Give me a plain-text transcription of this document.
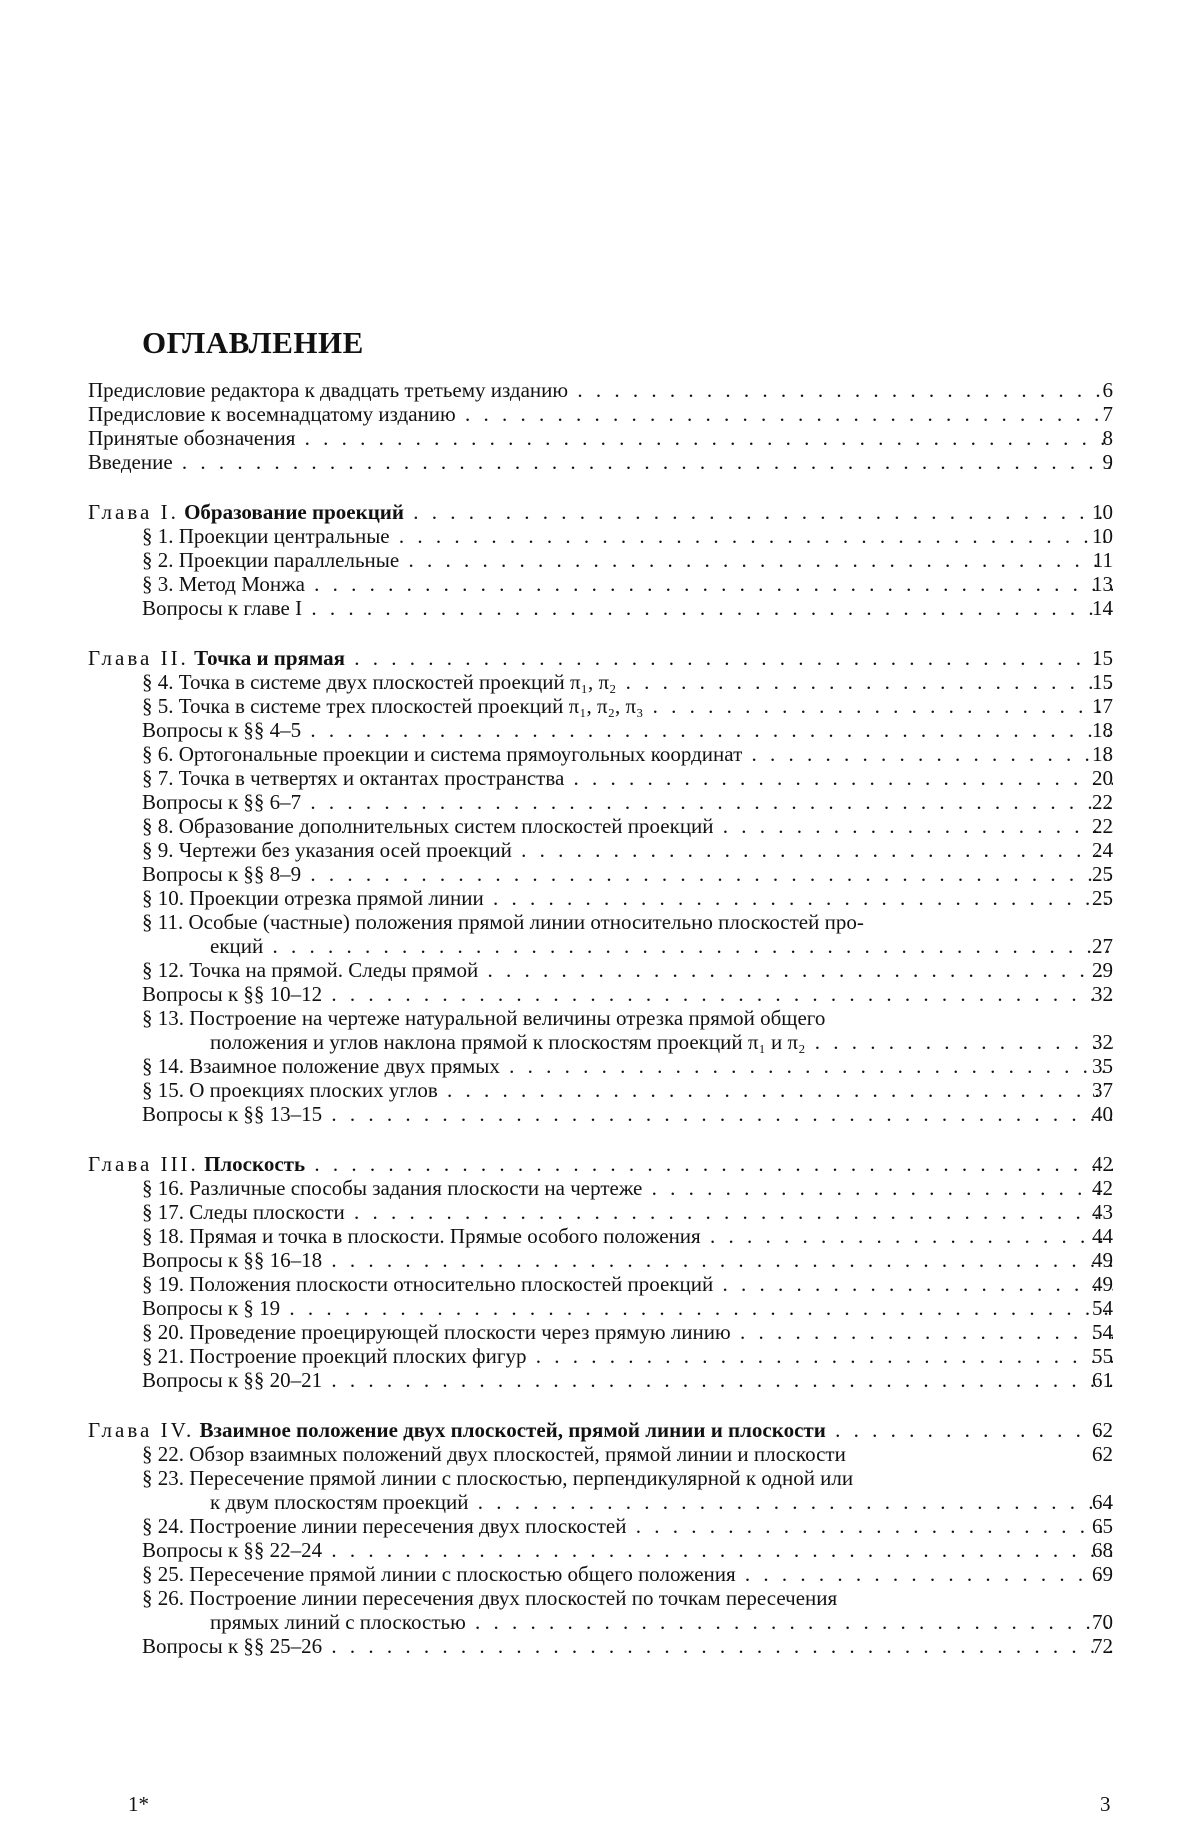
ОГЛАВЛЕНИЕ
Предисловие редактора к двадцать третьему изданию . . .	6
Предисловие к восемнадцатому изданию . . .	7
Принятые обозначения . . .	8
Введение . . .	9
Глава I. Образование проекций . . .	10
§ 1. Проекции центральные . . .	10
§ 2. Проекции параллельные . . .	11
§ 3. Метод Монжа . . .	13
Вопросы к главе I . . .	14
Глава II. Точка и прямая . . .	15
§ 4. Точка в системе двух плоскостей проекций π₁, π₂ . . .	15
§ 5. Точка в системе трех плоскостей проекций π₁, π₂, π₃ . . .	17
Вопросы к §§ 4–5 . . .	18
§ 6. Ортогональные проекции и система прямоугольных координат . . .	18
§ 7. Точка в четвертях и октантах пространства . . .	20
Вопросы к §§ 6–7 . . .	22
§ 8. Образование дополнительных систем плоскостей проекций . . .	22
§ 9. Чертежи без указания осей проекций . . .	24
Вопросы к §§ 8–9 . . .	25
§ 10. Проекции отрезка прямой линии . . .	25
§ 11. Особые (частные) положения прямой линии относительно плоскостей про-
екций . . .	27
§ 12. Точка на прямой. Следы прямой . . .	29
Вопросы к §§ 10–12 . . .	32
§ 13. Построение на чертеже натуральной величины отрезка прямой общего
положения и углов наклона прямой к плоскостям проекций π₁ и π₂ . . .	32
§ 14. Взаимное положение двух прямых . . .	35
§ 15. О проекциях плоских углов . . .	37
Вопросы к §§ 13–15 . . .	40
Глава III. Плоскость . . .	42
§ 16. Различные способы задания плоскости на чертеже . . .	42
§ 17. Следы плоскости . . .	43
§ 18. Прямая и точка в плоскости. Прямые особого положения . . .	44
Вопросы к §§ 16–18 . . .	49
§ 19. Положения плоскости относительно плоскостей проекций . . .	49
Вопросы к § 19 . . .	54
§ 20. Проведение проецирующей плоскости через прямую линию . . .	54
§ 21. Построение проекций плоских фигур . . .	55
Вопросы к §§ 20–21 . . .	61
Глава IV. Взаимное положение двух плоскостей, прямой линии и плоскости . . .	62
§ 22. Обзор взаимных положений двух плоскостей, прямой линии и плоскости	62
§ 23. Пересечение прямой линии с плоскостью, перпендикулярной к одной или
к двум плоскостям проекций . . .	64
§ 24. Построение линии пересечения двух плоскостей . . .	65
Вопросы к §§ 22–24 . . .	68
§ 25. Пересечение прямой линии с плоскостью общего положения . . .	69
§ 26. Построение линии пересечения двух плоскостей по точкам пересечения
прямых линий с плоскостью . . .	70
Вопросы к §§ 25–26 . . .	72
1*	3
